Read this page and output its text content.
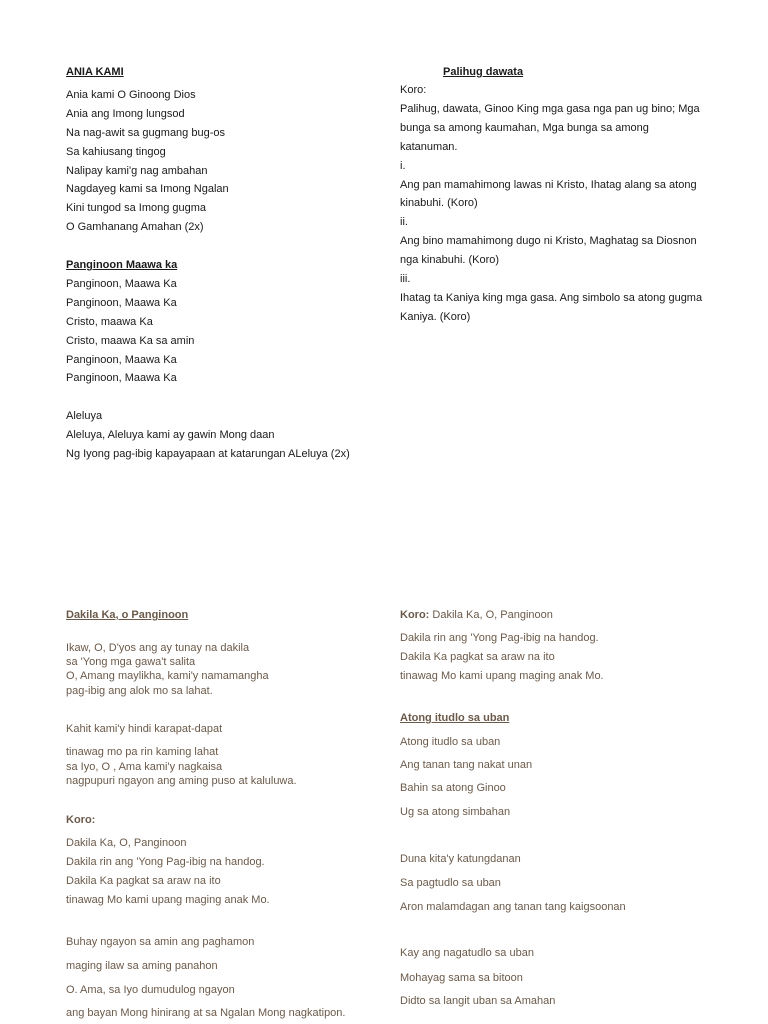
ANIA KAMI
Ania kami O Ginoong Dios
Ania ang Imong lungsod
Na nag-awit sa gugmang bug-os
Sa kahiusang tingog
Nalipay kami'g nag ambahan
Nagdayeg kami sa Imong Ngalan
Kini tungod sa Imong gugma
O Gamhanang Amahan (2x)
Panginoon Maawa ka
Panginoon, Maawa Ka
Panginoon, Maawa Ka
Cristo, maawa Ka
Cristo, maawa Ka sa amin
Panginoon, Maawa Ka
Panginoon, Maawa Ka
Aleluya
Aleluya, Aleluya kami ay gawin Mong daan
Ng Iyong pag-ibig kapayapaan at katarungan ALeluya (2x)
Palihug dawata
Koro:
Palihug, dawata, Ginoo King mga gasa nga pan ug bino; Mga
bunga sa among kaumahan, Mga bunga sa among
katanuman.
i.
Ang pan mamahimong lawas ni Kristo, Ihatag alang sa atong
kinabuhi. (Koro)
ii.
Ang bino mamahimong dugo ni Kristo, Maghatag sa Diosnon
nga kinabuhi. (Koro)
iii.
Ihatag ta Kaniya king mga gasa. Ang simbolo sa atong gugma
Kaniya. (Koro)
Dakila Ka, o Panginoon
Ikaw, O, D'yos ang ay tunay na dakila
sa 'Yong mga gawa't salita
O, Amang maylikha, kami'y namamangha
pag-ibig ang alok mo sa lahat.
Kahit kami'y hindi karapat-dapat
tinawag mo pa rin kaming lahat
sa Iyo, O , Ama kami'y nagkaisa
nagpupuri ngayon ang aming puso at kaluluwa.
Koro:
Dakila Ka, O, Panginoon
Dakila rin ang 'Yong Pag-ibig na handog.
Dakila Ka pagkat sa araw na ito
tinawag Mo kami upang maging anak Mo.
Buhay ngayon sa amin ang paghamon
maging ilaw sa aming panahon
O. Ama, sa Iyo dumudulog ngayon
ang bayan Mong hinirang at sa Ngalan Mong nagkatipon.
Koro: Dakila Ka, O, Panginoon
Dakila rin ang 'Yong Pag-ibig na handog.
Dakila Ka pagkat sa araw na ito
tinawag Mo kami upang maging anak Mo.
Atong itudlo sa uban
Atong itudlo sa uban
Ang tanan tang nakat unan
Bahin sa atong Ginoo
Ug sa atong simbahan
Duna kita'y katungdanan
Sa pagtudlo sa uban
Aron malamdagan ang tanan tang kaigsoonan
Kay ang nagatudlo sa uban
Mohayag sama sa bitoon
Didto sa langit uban sa Amahan
